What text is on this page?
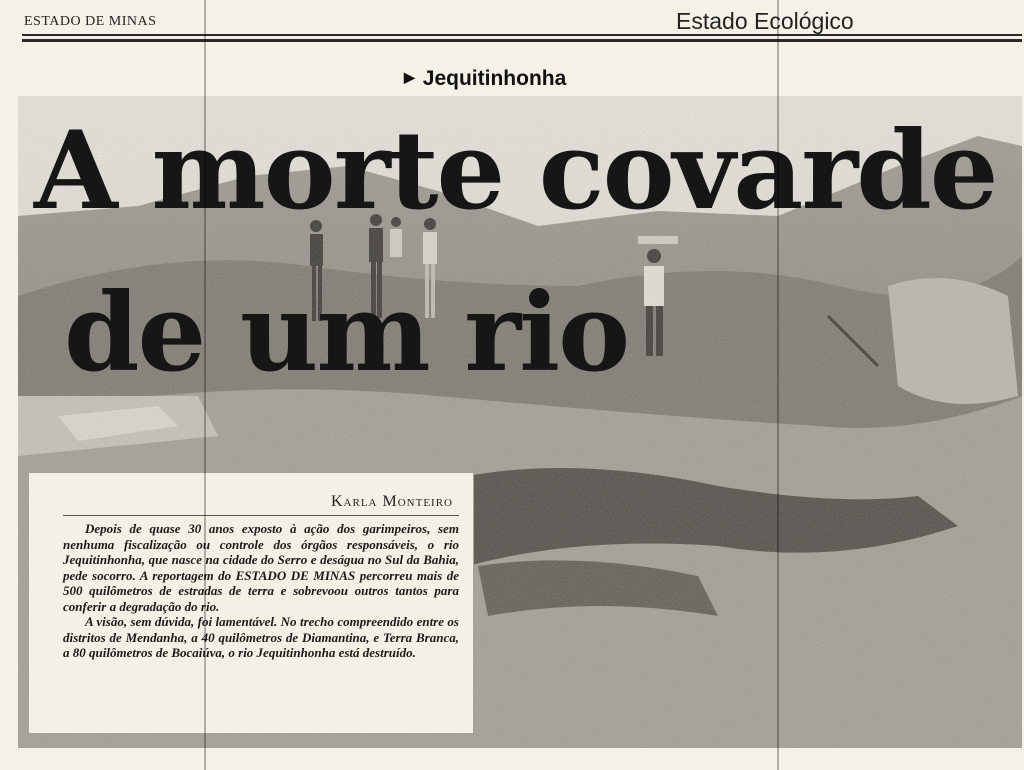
ESTADO DE MINAS	Estado Ecológico
▶ Jequitinhonha
A morte covarde
de um rio
Karla Monteiro

Depois de quase 30 anos exposto à ação dos garimpeiros, sem nenhuma fiscalização ou controle dos órgãos responsáveis, o rio Jequitinhonha, que nasce na cidade do Serro e deságua no Sul da Bahia, pede socorro. A reportagem do ESTADO DE MINAS percorreu mais de 500 quilômetros de estradas de terra e sobrevoou outros tantos para conferir a degradação do rio.

A visão, sem dúvida, foi lamentável. No trecho compreendido entre os distritos de Mendanha, a 40 quilômetros de Diamantina, e Terra Branca, a 80 quilômetros de Bocaiúva, o rio Jequitinhonha está destruído.
